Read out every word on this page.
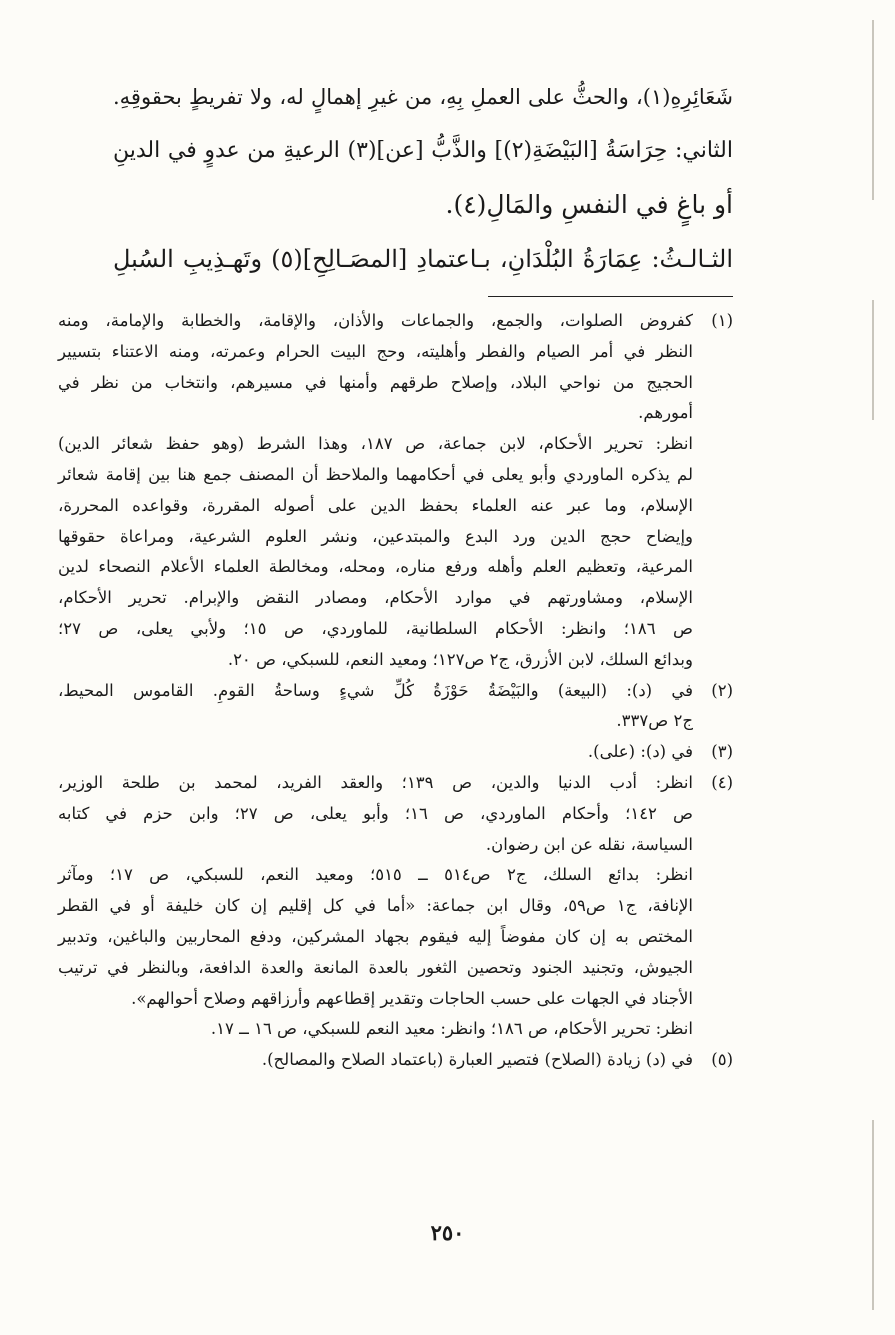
شَعَائِرِهِ(١)، والحثُّ على العملِ بِهِ، من غيرِ إهمالٍ له، ولا تفريطٍ بحقوقِهِ.
الثاني: حِرَاسَةُ [البَيْضَةِ(٢)] والذَّبُّ [عن](٣) الرعيةِ من عدوٍ في الدينِ
أو باغٍ في النفسِ والمَالِ(٤).
الثـالـثُ: عِمَارَةُ البُلْدَانِ، بـاعتمادِ [المصَـالِحِ](٥) وتَهـذِيبِ السُبلِ
(١)
كفروض الصلوات، والجمع، والجماعات والأذان، والإقامة، والخطابة والإمامة، ومنه
النظر في أمر الصيام والفطر وأهليته، وحج البيت الحرام وعمرته، ومنه الاعتناء بتسيير
الحجيج من نواحي البلاد، وإصلاح طرقهم وأمنها في مسيرهم، وانتخاب من نظر في
أمورهم.
انظر: تحرير الأحكام، لابن جماعة، ص ١٨٧، وهذا الشرط (وهو حفظ شعائر الدين)
لم يذكره الماوردي وأبو يعلى في أحكامهما والملاحظ أن المصنف جمع هنا بين إقامة شعائر
الإسلام، وما عبر عنه العلماء بحفظ الدين على أصوله المقررة، وقواعده المحررة،
وإيضاح حجج الدين ورد البدع والمبتدعين، ونشر العلوم الشرعية، ومراعاة حقوقها
المرعية، وتعظيم العلم وأهله ورفع مناره، ومحله، ومخالطة العلماء الأعلام النصحاء لدين
الإسلام، ومشاورتهم في موارد الأحكام، ومصادر النقض والإبرام. تحرير الأحكام،
ص ١٨٦؛ وانظر: الأحكام السلطانية، للماوردي، ص ١٥؛ ولأبي يعلى، ص ٢٧؛
وبدائع السلك، لابن الأزرق، ج٢ ص١٢٧؛ ومعيد النعم، للسبكي، ص ٢٠.
(٢)
في (د): (البيعة) والبَيْضَةُ حَوْزَةُ كُلِّ شيءٍ وساحةُ القومِ. القاموس المحيط،
ج٢ ص٣٣٧.
(٣)
في (د): (على).
(٤)
انظر: أدب الدنيا والدين، ص ١٣٩؛ والعقد الفريد، لمحمد بن طلحة الوزير،
ص ١٤٢؛ وأحكام الماوردي، ص ١٦؛ وأبو يعلى، ص ٢٧؛ وابن حزم في كتابه
السياسة، نقله عن ابن رضوان.
انظر: بدائع السلك، ج٢ ص٥١٤ ــ ٥١٥؛ ومعيد النعم، للسبكي، ص ١٧؛ ومآثر
الإنافة، ج١ ص٥٩، وقال ابن جماعة: «أما في كل إقليم إن كان خليفة أو في القطر
المختص به إن كان مفوضاً إليه فيقوم بجهاد المشركين، ودفع المحاربين والباغين، وتدبير
الجيوش، وتجنيد الجنود وتحصين الثغور بالعدة المانعة والعدة الدافعة، وبالنظر في ترتيب
الأجناد في الجهات على حسب الحاجات وتقدير إقطاعهم وأرزاقهم وصلاح أحوالهم».
انظر: تحرير الأحكام، ص ١٨٦؛ وانظر: معيد النعم للسبكي، ص ١٦ ــ ١٧.
(٥)
في (د) زيادة (الصلاح) فتصير العبارة (باعتماد الصلاح والمصالح).
٢٥٠
